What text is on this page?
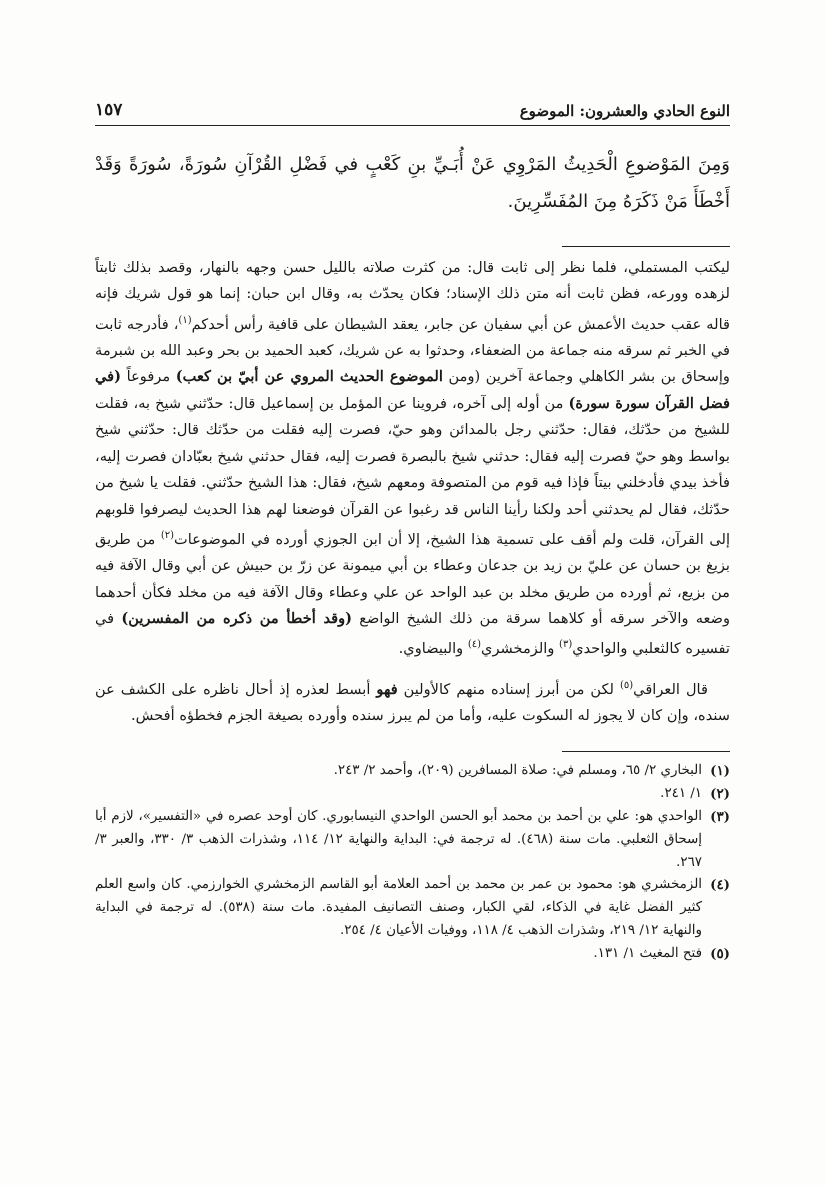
النوع الحادي والعشرون: الموضوع
١٥٧

وَمِنَ المَوْضوعِ الْحَدِيثُ المَرْوِي عَنْ أُبَـيِّ بنِ كَعْبٍ في فَضْلِ القُرْآنِ سُورَةً، سُورَةً وَقَدْ أَخْطَأَ مَنْ ذَكَرَهُ مِنَ المُفَسِّرِينَ.

ليكتب المستملي، فلما نظر إلى ثابت قال: من كثرت صلاته بالليل حسن وجهه بالنهار، وقصد بذلك ثابتاً لزهده وورعه، فظن ثابت أنه متن ذلك الإسناد؛ فكان يحدّث به، وقال ابن حبان: إنما هو قول شريك فإنه قاله عقب حديث الأعمش عن أبي سفيان عن جابر، يعقد الشيطان على قافية رأس أحدكم$^{(١)}$، فأدرجه ثابت في الخبر ثم سرقه منه جماعة من الضعفاء، وحدثوا به عن شريك، كعبد الحميد بن بحر وعبد الله بن شبرمة وإسحاق بن بشر الكاهلي وجماعة آخرين (ومن الموضوع الحديث المروي عن أبيّ بن كعب) مرفوعاً (في فضل القرآن سورة سورة) من أوله إلى آخره، فروينا عن المؤمل بن إسماعيل قال: حدّثني شيخ به، فقلت للشيخ من حدّثك، فقال: حدّثني رجل بالمدائن وهو حيّ، فصرت إليه فقلت من حدّثك قال: حدّثني شيخ بواسط وهو حيّ فصرت إليه فقال: حدثني شيخ بالبصرة فصرت إليه، فقال حدثني شيخ بعبّادان فصرت إليه، فأخذ بيدي فأدخلني بيتاً فإذا فيه قوم من المتصوفة ومعهم شيخ، فقال: هذا الشيخ حدّثني. فقلت يا شيخ من حدّثك، فقال لم يحدثني أحد ولكنا رأينا الناس قد رغبوا عن القرآن فوضعنا لهم هذا الحديث ليصرفوا قلوبهم إلى القرآن، قلت ولم أقف على تسمية هذا الشيخ، إلا أن ابن الجوزي أورده في الموضوعات$^{(٢)}$ من طريق بزيغ بن حسان عن عليّ بن زيد بن جدعان وعطاء بن أبي ميمونة عن زرّ بن حبيش عن أبي وقال الآفة فيه من بزيع، ثم أورده من طريق مخلد بن عبد الواحد عن علي وعطاء وقال الآفة فيه من مخلد فكأن أحدهما وضعه والآخر سرقه أو كلاهما سرقة من ذلك الشيخ الواضع (وقد أخطأ من ذكره من المفسرين) في تفسيره كالثعلبي والواحدي$^{(٣)}$ والزمخشري$^{(٤)}$ والبيضاوي.

قال العراقي$^{(٥)}$ لكن من أبرز إسناده منهم كالأولين فهو أبسط لعذره إذ أحال ناظره على الكشف عن سنده، وإن كان لا يجوز له السكوت عليه، وأما من لم يبرز سنده وأورده بصيغة الجزم فخطؤه أفحش.

(١)
البخاري ٢/ ٦٥، ومسلم في: صلاة المسافرين (٢٠٩)، وأحمد ٢/ ٢٤٣.
(٢)
١/ ٢٤١.
(٣)
الواحدي هو: علي بن أحمد بن محمد أبو الحسن الواحدي النيسابوري. كان أوحد عصره في «التفسير»، لازم أبا إسحاق الثعلبي. مات سنة (٤٦٨). له ترجمة في: البداية والنهاية ١٢/ ١١٤، وشذرات الذهب ٣/ ٣٣٠، والعبر ٣/ ٢٦٧.
(٤)
الزمخشري هو: محمود بن عمر بن محمد بن أحمد العلامة أبو القاسم الزمخشري الخوارزمي. كان واسع العلم كثير الفضل غاية في الذكاء، لقي الكبار، وصنف التصانيف المفيدة. مات سنة (٥٣٨). له ترجمة في البداية والنهاية ١٢/ ٢١٩، وشذرات الذهب ٤/ ١١٨، ووفيات الأعيان ٤/ ٢٥٤.
(٥)
فتح المغيث ١/ ١٣١.
